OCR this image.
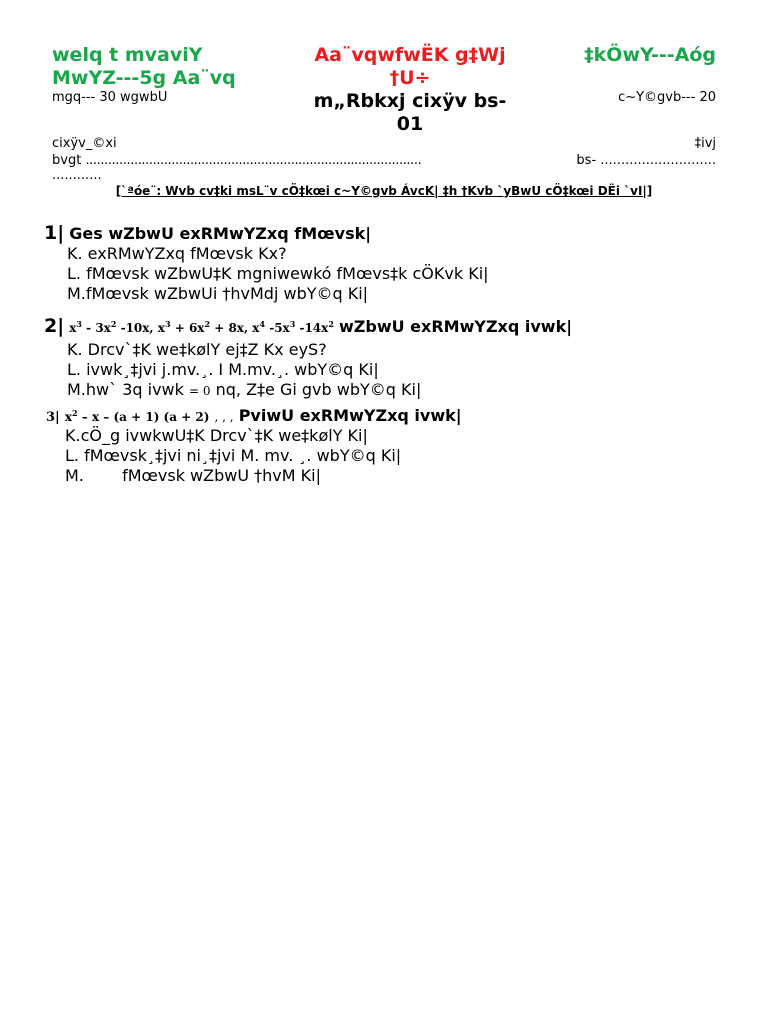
welq t mvaviY
MwYZ---5g Aa¨vq
Aa¨vqwfwËK g‡Wj
†U÷
‡kÖwY---Aóg
mgq--- 30 wgwbU	m„Rbkxj cixÿv bs-
01
c~Y©gvb--- 20
cixÿv_©xi	‡ivj
bvgt ..........................................................................................	bs- ............................
............
[`ªóe¨: Wvb cv‡ki msL¨v cÖ‡kœi c~Y©gvb ÁvcK| ‡h †Kvb `yBwU cÖ‡kœi DËi `vI|]
1| Ges wZbwU exRMwYZxq fMœvsk|
K. exRMwYZxq fMœvsk Kx?
L. fMœvsk wZbwU‡K mgniwewkó fMœvs‡k cÖKvk Ki|
M.fMœvsk wZbwUi †hvMdj wbY©q Ki|
2| $x^3 - 3x^2$ -10x, $x^3 + 6x^2 + 8x$, $x^4$ $-5x^3$ $-14x^2$ wZbwU exRMwYZxq ivwk|
K. Drcv`‡K we‡kølY ej‡Z Kx eyS?
L. ivwk¸‡jvi j.mv.¸. I M.mv.¸. wbY©q Ki|
M.hw` 3q ivwk = 0 nq, Z‡e Gi gvb wbY©q Ki|
3| $x^2 - x - (a + 1) (a + 2)$ , , , PviwU exRMwYZxq ivwk|
K.cÖ_g ivwkwU‡K Drcv`‡K we‡kølY Ki|
L. fMœvsk¸‡jvi ni¸‡jvi M. mv. ¸. wbY©q Ki|
M. fMœvsk wZbwU †hvM Ki|
